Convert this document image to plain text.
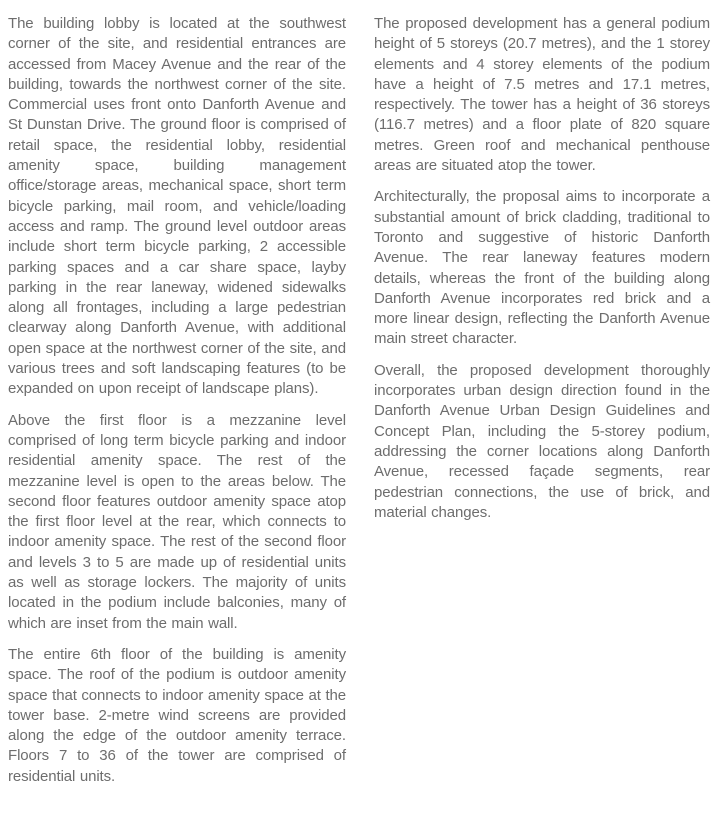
The building lobby is located at the southwest corner of the site, and residential entrances are accessed from Macey Avenue and the rear of the building, towards the northwest corner of the site. Commercial uses front onto Danforth Avenue and St Dunstan Drive. The ground floor is comprised of retail space, the residential lobby, residential amenity space, building management office/storage areas, mechanical space, short term bicycle parking, mail room, and vehicle/loading access and ramp. The ground level outdoor areas include short term bicycle parking, 2 accessible parking spaces and a car share space, layby parking in the rear laneway, widened sidewalks along all frontages, including a large pedestrian clearway along Danforth Avenue, with additional open space at the northwest corner of the site, and various trees and soft landscaping features (to be expanded on upon receipt of landscape plans).

Above the first floor is a mezzanine level comprised of long term bicycle parking and indoor residential amenity space. The rest of the mezzanine level is open to the areas below. The second floor features outdoor amenity space atop the first floor level at the rear, which connects to indoor amenity space. The rest of the second floor and levels 3 to 5 are made up of residential units as well as storage lockers. The majority of units located in the podium include balconies, many of which are inset from the main wall.

The entire 6th floor of the building is amenity space. The roof of the podium is outdoor amenity space that connects to indoor amenity space at the tower base. 2-metre wind screens are provided along the edge of the outdoor amenity terrace. Floors 7 to 36 of the tower are comprised of residential units.

The proposed development has a general podium height of 5 storeys (20.7 metres), and the 1 storey elements and 4 storey elements of the podium have a height of 7.5 metres and 17.1 metres, respectively. The tower has a height of 36 storeys (116.7 metres) and a floor plate of 820 square metres. Green roof and mechanical penthouse areas are situated atop the tower.

Architecturally, the proposal aims to incorporate a substantial amount of brick cladding, traditional to Toronto and suggestive of historic Danforth Avenue. The rear laneway features modern details, whereas the front of the building along Danforth Avenue incorporates red brick and a more linear design, reflecting the Danforth Avenue main street character.

Overall, the proposed development thoroughly incorporates urban design direction found in the Danforth Avenue Urban Design Guidelines and Concept Plan, including the 5-storey podium, addressing the corner locations along Danforth Avenue, recessed façade segments, rear pedestrian connections, the use of brick, and material changes.
